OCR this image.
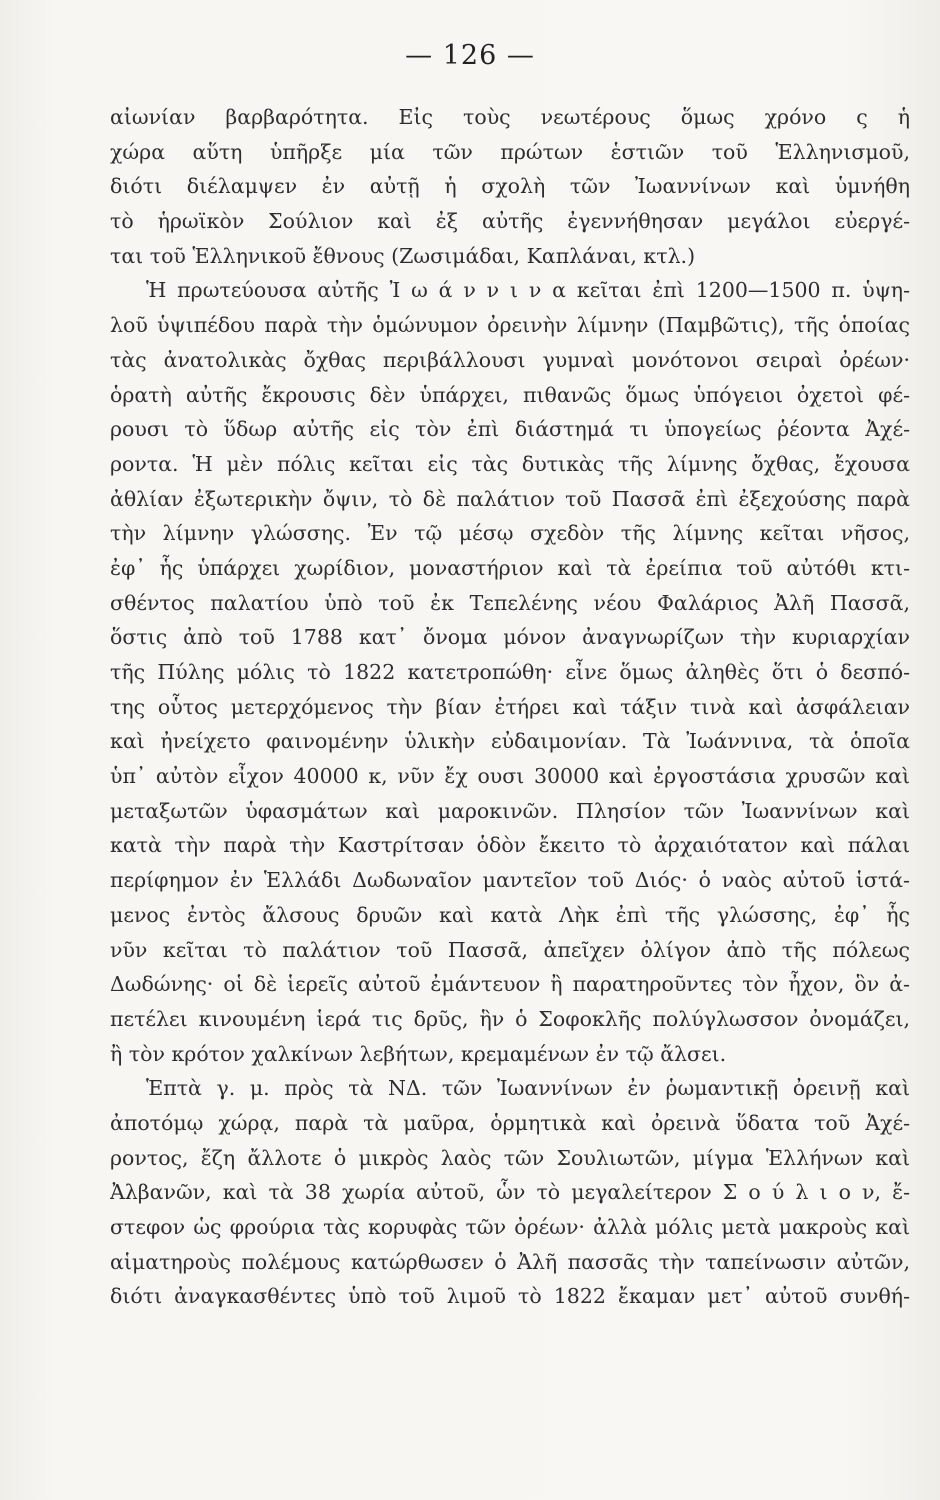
— 126 —
αἰωνίαν βαρβαρότητα. Εἰς τοὺς νεωτέρους ὅμως χρόνο ς ἡ
χώρα αὕτη ὑπῆρξε μία τῶν πρώτων ἑστιῶν τοῦ Ἑλληνισμοῦ,
διότι διέλαμψεν ἐν αὐτῇ ἡ σχολὴ τῶν Ἰωαννίνων καὶ ὑμνήθη
τὸ ἡρωϊκὸν Σούλιον καὶ ἐξ αὐτῆς ἐγεννήθησαν μεγάλοι εὐεργέ-
ται τοῦ Ἑλληνικοῦ ἔθνους (Ζωσιμάδαι, Καπλάναι, κτλ.)
Ἡ πρωτεύουσα αὐτῆς Ἰ ω ά ν ν ι ν α κεῖται ἐπὶ 1200—1500 π. ὑψη-
λοῦ ὑψιπέδου παρὰ τὴν ὁμώνυμον ὀρεινὴν λίμνην (Παμβῶτις), τῆς ὁποίας
τὰς ἀνατολικὰς ὄχθας περιβάλλουσι γυμναὶ μονότονοι σειραὶ ὀρέων·
ὁρατὴ αὐτῆς ἔκρουσις δὲν ὑπάρχει, πιθανῶς ὅμως ὑπόγειοι ὀχετοὶ φέ-
ρουσι τὸ ὕδωρ αὐτῆς εἰς τὸν ἐπὶ διάστημά τι ὑπογείως ῥέοντα Ἀχέ-
ροντα. Ἡ μὲν πόλις κεῖται εἰς τὰς δυτικὰς τῆς λίμνης ὄχθας, ἔχουσα
ἀθλίαν ἐξωτερικὴν ὄψιν, τὸ δὲ παλάτιον τοῦ Πασσᾶ ἐπὶ ἐξεχούσης παρὰ
τὴν λίμνην γλώσσης. Ἐν τῷ μέσῳ σχεδὸν τῆς λίμνης κεῖται νῆσος,
ἐφ᾽ ἧς ὑπάρχει χωρίδιον, μοναστήριον καὶ τὰ ἐρείπια τοῦ αὐτόθι κτι-
σθέντος παλατίου ὑπὸ τοῦ ἐκ Τεπελένης νέου Φαλάριος Ἀλῆ Πασσᾶ,
ὅστις ἀπὸ τοῦ 1788 κατ᾽ ὄνομα μόνον ἀναγνωρίζων τὴν κυριαρχίαν
τῆς Πύλης μόλις τὸ 1822 κατετροπώθη· εἶνε ὅμως ἀληθὲς ὅτι ὁ δεσπό-
της οὗτος μετερχόμενος τὴν βίαν ἐτήρει καὶ τάξιν τινὰ καὶ ἀσφάλειαν
καὶ ἠνείχετο φαινομένην ὑλικὴν εὐδαιμονίαν. Τὰ Ἰωάννινα, τὰ ὁποῖα
ὑπ᾽ αὐτὸν εἶχον 40000 κ, νῦν ἔχ ουσι 30000 καὶ ἐργοστάσια χρυσῶν καὶ
μεταξωτῶν ὑφασμάτων καὶ μαροκινῶν. Πλησίον τῶν Ἰωαννίνων καὶ
κατὰ τὴν παρὰ τὴν Καστρίτσαν ὁδὸν ἔκειτο τὸ ἀρχαιότατον καὶ πάλαι
περίφημον ἐν Ἑλλάδι Δωδωναῖον μαντεῖον τοῦ Διός· ὁ ναὸς αὐτοῦ ἱστά-
μενος ἐντὸς ἄλσους δρυῶν καὶ κατὰ Λὴκ ἐπὶ τῆς γλώσσης, ἐφ᾽ ἧς
νῦν κεῖται τὸ παλάτιον τοῦ Πασσᾶ, ἀπεῖχεν ὀλίγον ἀπὸ τῆς πόλεως
Δωδώνης· οἱ δὲ ἱερεῖς αὐτοῦ ἐμάντευον ἢ παρατηροῦντες τὸν ἦχον, ὃν ἀ-
πετέλει κινουμένη ἱερά τις δρῦς, ἣν ὁ Σοφοκλῆς πολύγλωσσον ὀνομάζει,
ἢ τὸν κρότον χαλκίνων λεβήτων, κρεμαμένων ἐν τῷ ἄλσει.
Ἑπτὰ γ. μ. πρὸς τὰ ΝΔ. τῶν Ἰωαννίνων ἐν ῥωμαντικῇ ὀρεινῇ καὶ
ἀποτόμῳ χώρᾳ, παρὰ τὰ μαῦρα, ὁρμητικὰ καὶ ὀρεινὰ ὕδατα τοῦ Ἀχέ-
ροντος, ἔζη ἄλλοτε ὁ μικρὸς λαὸς τῶν Σουλιωτῶν, μίγμα Ἑλλήνων καὶ
Ἀλβανῶν, καὶ τὰ 38 χωρία αὐτοῦ, ὧν τὸ μεγαλείτερον Σ ο ύ λ ι ο ν, ἔ-
στεφον ὡς φρούρια τὰς κορυφὰς τῶν ὀρέων· ἀλλὰ μόλις μετὰ μακροὺς καὶ
αἱματηροὺς πολέμους κατώρθωσεν ὁ Ἀλῆ πασσᾶς τὴν ταπείνωσιν αὐτῶν,
διότι ἀναγκασθέντες ὑπὸ τοῦ λιμοῦ τὸ 1822 ἔκαμαν μετ᾽ αὐτοῦ συνθή-
